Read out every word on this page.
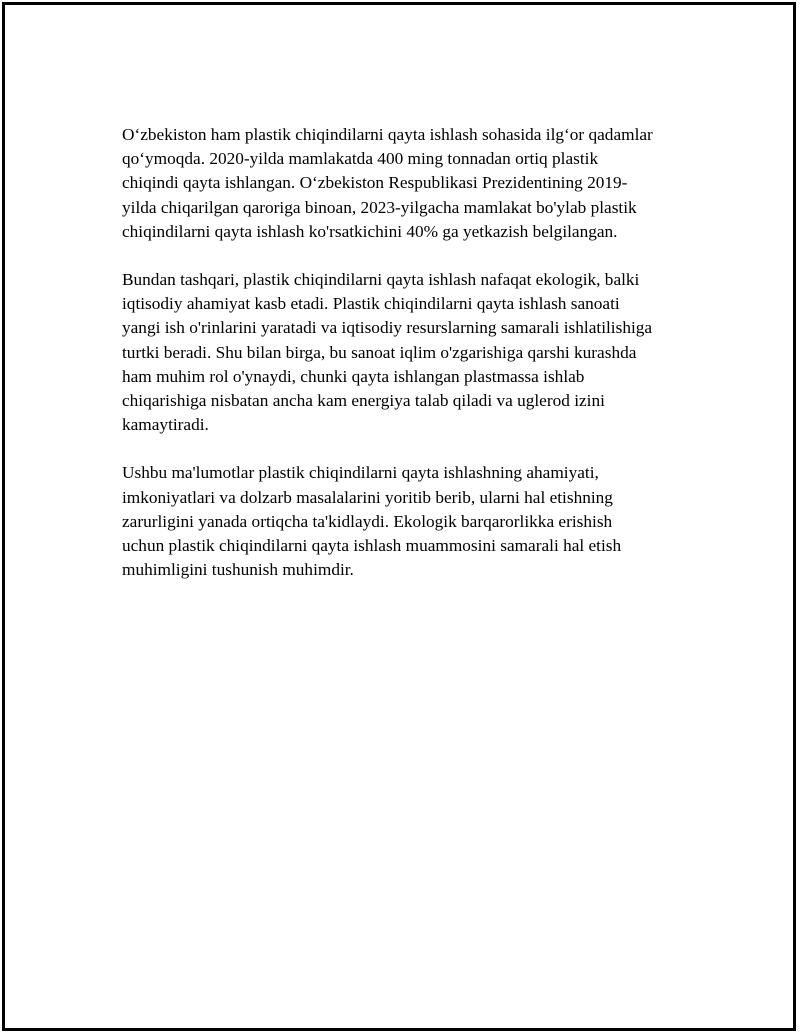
O‘zbekiston ham plastik chiqindilarni qayta ishlash sohasida ilg‘or qadamlar
qo‘ymoqda. 2020-yilda mamlakatda 400 ming tonnadan ortiq plastik
chiqindi qayta ishlangan. O‘zbekiston Respublikasi Prezidentining 2019-
yilda chiqarilgan qaroriga binoan, 2023-yilgacha mamlakat bo'ylab plastik
chiqindilarni qayta ishlash ko'rsatkichini 40% ga yetkazish belgilangan.

Bundan tashqari, plastik chiqindilarni qayta ishlash nafaqat ekologik, balki
iqtisodiy ahamiyat kasb etadi. Plastik chiqindilarni qayta ishlash sanoati
yangi ish o'rinlarini yaratadi va iqtisodiy resurslarning samarali ishlatilishiga
turtki beradi. Shu bilan birga, bu sanoat iqlim o'zgarishiga qarshi kurashda
ham muhim rol o'ynaydi, chunki qayta ishlangan plastmassa ishlab
chiqarishiga nisbatan ancha kam energiya talab qiladi va uglerod izini
kamaytiradi.

Ushbu ma'lumotlar plastik chiqindilarni qayta ishlashning ahamiyati,
imkoniyatlari va dolzarb masalalarini yoritib berib, ularni hal etishning
zarurligini yanada ortiqcha ta'kidlaydi. Ekologik barqarorlikka erishish
uchun plastik chiqindilarni qayta ishlash muammosini samarali hal etish
muhimligini tushunish muhimdir.
